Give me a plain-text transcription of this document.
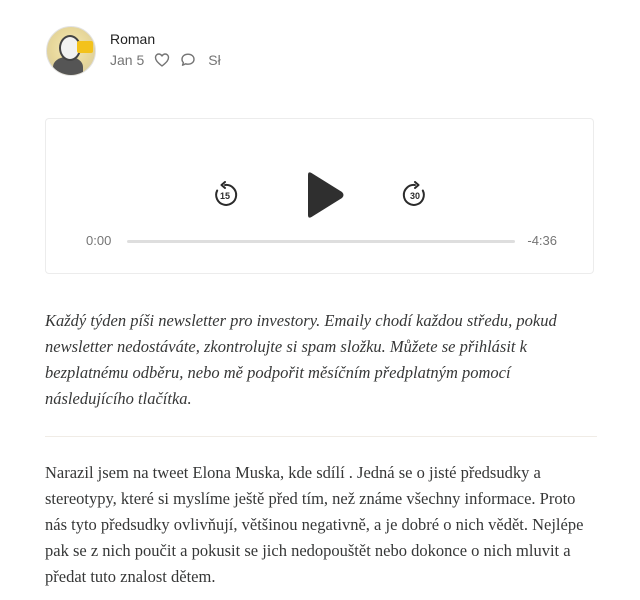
Roman
Jan 5	Sł
15	30
0:00	-4:36

Každý týden píši newsletter pro investory. Emaily chodí každou středu, pokud newsletter nedostáváte, zkontrolujte si spam složku. Můžete se přihlásit k bezplatnému odběru, nebo mě podpořit měsíčním předplatným pomocí následujícího tlačítka.

Narazil jsem na tweet Elona Muska, kde sdílí . Jedná se o jisté předsudky a stereotypy, které si myslíme ještě před tím, než známe všechny informace. Proto nás tyto předsudky ovlivňují, většinou negativně, a je dobré o nich vědět. Nejlépe pak se z nich poučit a pokusit se jich nedopouštět nebo dokonce o nich mluvit a předat tuto znalost dětem.
